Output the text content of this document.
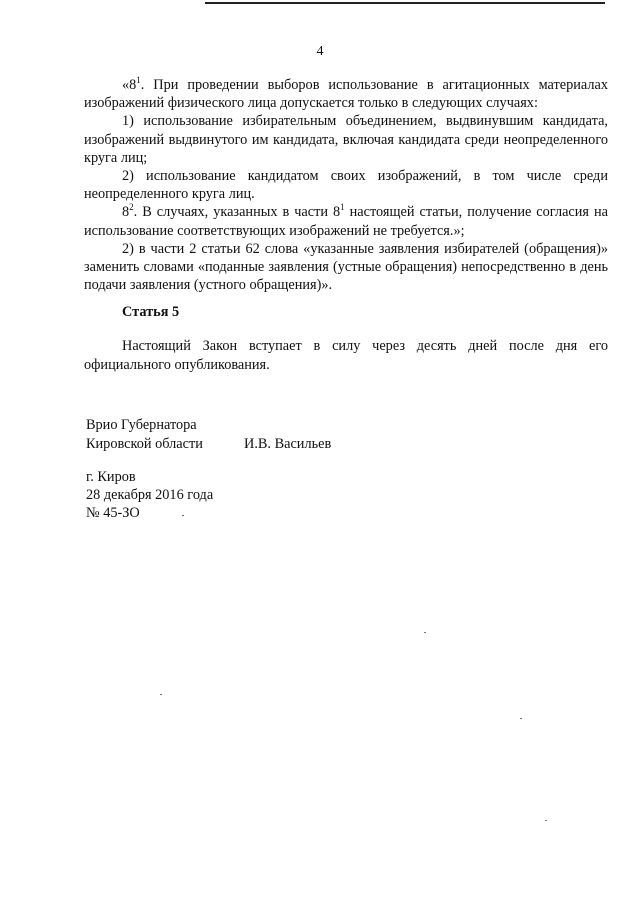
4

«$8^1$. При проведении выборов использование в агитационных материалах изображений физического лица допускается только в следующих случаях:

1) использование избирательным объединением, выдвинувшим кандидата, изображений выдвинутого им кандидата, включая кандидата среди неопределенного круга лиц;

2) использование кандидатом своих изображений, в том числе среди неопределенного круга лиц.

$8^2$. В случаях, указанных в части $8^1$ настоящей статьи, получение согласия на использование соответствующих изображений не требуется.»;

2) в части 2 статьи 62 слова «указанные заявления избирателей (обращения)» заменить словами «поданные заявления (устные обращения) непосредственно в день подачи заявления (устного обращения)».

Статья 5

Настоящий Закон вступает в силу через десять дней после дня его официального опубликования.

Врио Губернатора
Кировской области	И.В. Васильев
г. Киров
28 декабря 2016 года
№ 45-ЗО
